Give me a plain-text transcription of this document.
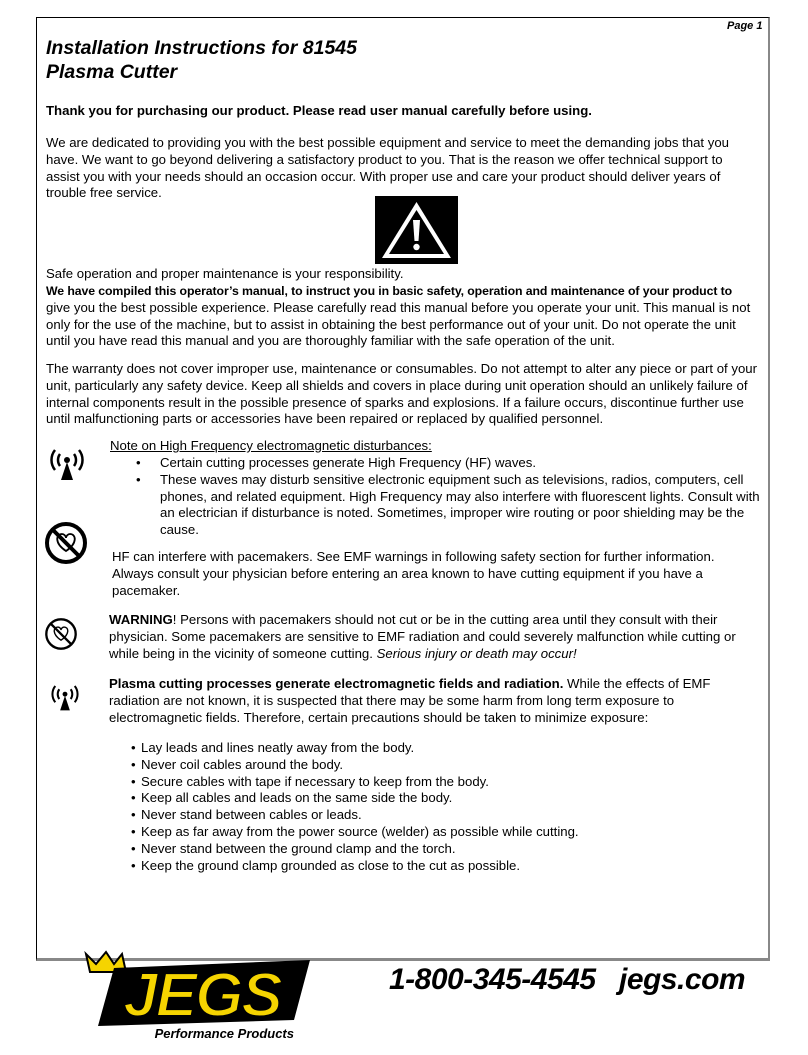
Page 1
Installation Instructions for 81545
Plasma Cutter

Thank you for purchasing our product. Please read user manual carefully before using.

We are dedicated to providing you with the best possible equipment and service to meet the demanding jobs that you have. We want to go beyond delivering a satisfactory product to you. That is the reason we offer technical support to assist you with your needs should an occasion occur. With proper use and care your product should deliver years of trouble free service.

Safe operation and proper maintenance is your responsibility.

We have compiled this operator’s manual, to instruct you in basic safety, operation and maintenance of your product to
give you the best possible experience. Please carefully read this manual before you operate your unit. This manual is not only for the use of the machine, but to assist in obtaining the best performance out of your unit. Do not operate the unit until you have read this manual and you are thoroughly familiar with the safe operation of the unit.

The warranty does not cover improper use, maintenance or consumables. Do not attempt to alter any piece or part of your unit, particularly any safety device. Keep all shields and covers in place during unit operation should an unlikely failure of internal components result in the possible presence of sparks and explosions. If a failure occurs, discontinue further use until malfunctioning parts or accessories have been repaired or replaced by qualified personnel.

Note on High Frequency electromagnetic disturbances:
• Certain cutting processes generate High Frequency (HF) waves.
• These waves may disturb sensitive electronic equipment such as televisions, radios, computers, cell phones, and related equipment. High Frequency may also interfere with fluorescent lights. Consult with an electrician if disturbance is noted. Sometimes, improper wire routing or poor shielding may be the cause.

HF can interfere with pacemakers. See EMF warnings in following safety section for further information. Always consult your physician before entering an area known to have cutting equipment if you have a pacemaker.

WARNING! Persons with pacemakers should not cut or be in the cutting area until they consult with their physician. Some pacemakers are sensitive to EMF radiation and could severely malfunction while cutting or while being in the vicinity of someone cutting. Serious injury or death may occur!

Plasma cutting processes generate electromagnetic fields and radiation. While the effects of EMF radiation are not known, it is suspected that there may be some harm from long term exposure to electromagnetic fields. Therefore, certain precautions should be taken to minimize exposure:

• Lay leads and lines neatly away from the body.
• Never coil cables around the body.
• Secure cables with tape if necessary to keep from the body.
• Keep all cables and leads on the same side the body.
• Never stand between cables or leads.
• Keep as far away from the power source (welder) as possible while cutting.
• Never stand between the ground clamp and the torch.
• Keep the ground clamp grounded as close to the cut as possible.
JEGS
Performance Products
1-800-345-4545 jegs.com
